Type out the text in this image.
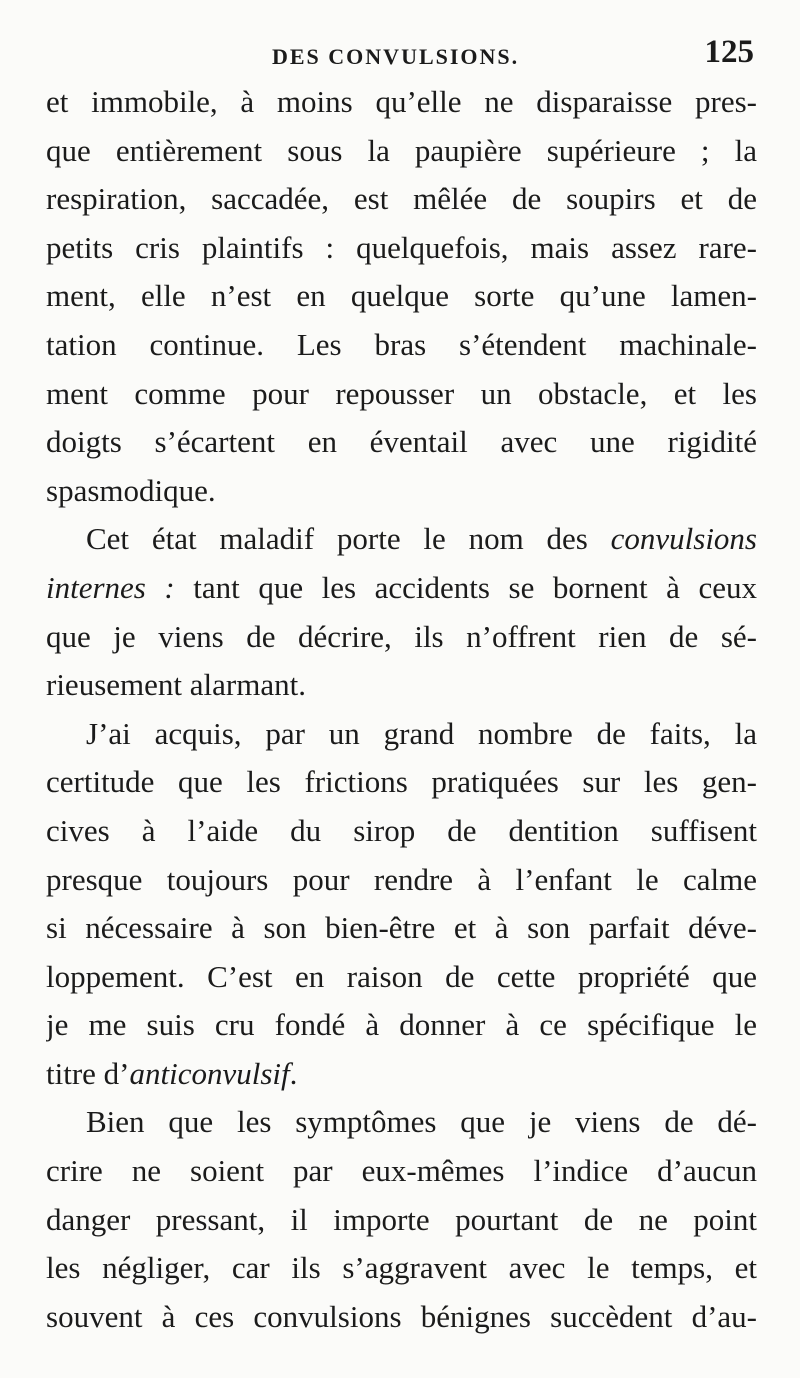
DES CONVULSIONS.	125
et immobile, à moins qu’elle ne disparaisse pres-
que entièrement sous la paupière supérieure ; la
respiration, saccadée, est mêlée de soupirs et de
petits cris plaintifs : quelquefois, mais assez rare-
ment, elle n’est en quelque sorte qu’une lamen-
tation continue. Les bras s’étendent machinale-
ment comme pour repousser un obstacle, et les
doigts s’écartent en éventail avec une rigidité
spasmodique.
Cet état maladif porte le nom des convulsions
internes : tant que les accidents se bornent à ceux
que je viens de décrire, ils n’offrent rien de sé-
rieusement alarmant.
J’ai acquis, par un grand nombre de faits, la
certitude que les frictions pratiquées sur les gen-
cives à l’aide du sirop de dentition suffisent
presque toujours pour rendre à l’enfant le calme
si nécessaire à son bien-être et à son parfait déve-
loppement. C’est en raison de cette propriété que
je me suis cru fondé à donner à ce spécifique le
titre d’anticonvulsif.
Bien que les symptômes que je viens de dé-
crire ne soient par eux-mêmes l’indice d’aucun
danger pressant, il importe pourtant de ne point
les négliger, car ils s’aggravent avec le temps, et
souvent à ces convulsions bénignes succèdent d’au-
